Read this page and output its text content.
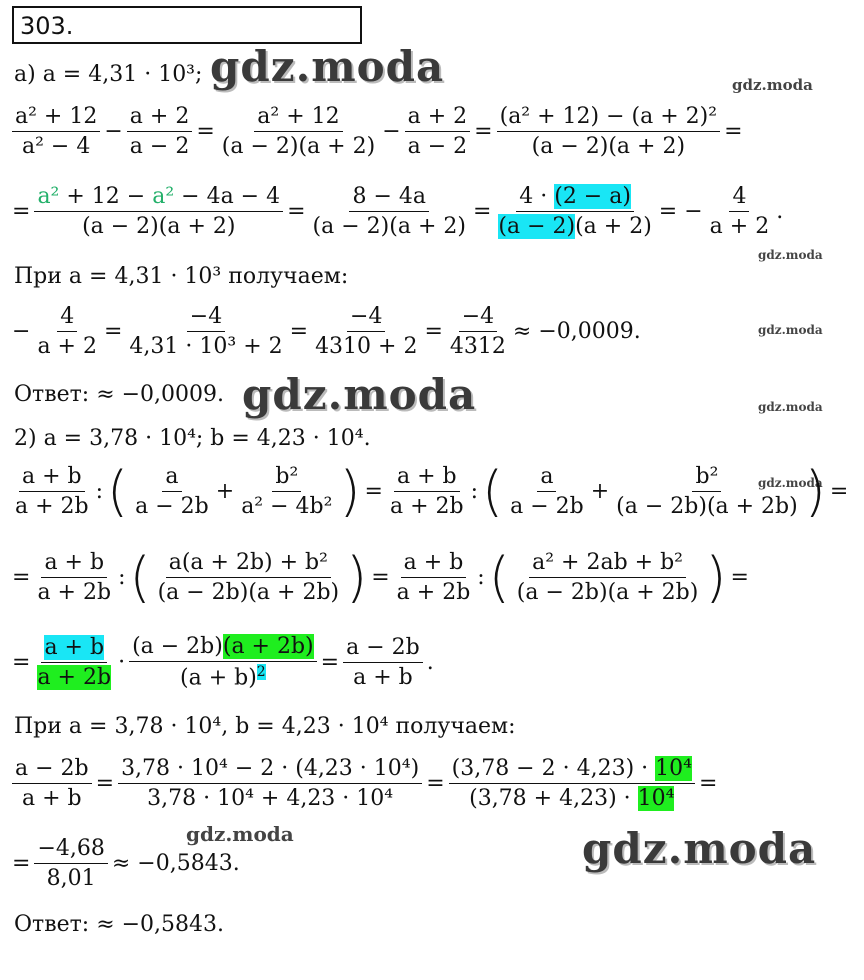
303.
gdz.moda	gdz.moda
gdz.moda
gdz.moda
gdz.moda	gdz.moda
gdz.moda
gdz.moda	gdz.moda
а) a = 4,31 · 10³;
$\frac{\text{a² + 12}}{\text{a² − 4}} - \frac{a + 2}{a - 2} = \frac{\text{a² + 12}}{(a - 2)(a + 2)} - \frac{a + 2}{a - 2} = \frac{\text{(a² + 12) − (a + 2)²}}{(a - 2)(a + 2)}$ =
= $\frac{\text{a² + 12 − a² − 4a − 4}}{(a - 2)(a + 2)} = \frac{8 - 4a}{(a - 2)(a + 2)} = \frac{4 \cdot (2 - a)}{(a - 2)(a + 2)}$ = − $\frac{4}{a + 2}$ .
При a = 4,31 · 10³ получаем:
− $\frac{4}{a + 2} = \frac{-4}{\text{4,31 · 10³ + 2}} = \frac{-4}{4310 + 2} = \frac{-4}{4312} \approx -0,0009$.
Ответ: ≈ −0,0009.
2) a = 3,78 · 10⁴; b = 4,23 · 10⁴.
$\frac{a + b}{a + 2b}$ : ( $\frac{a}{a - 2b} + \frac{\text{b²}}{\text{a² − 4b²}}$ ) = $\frac{a + b}{a + 2b}$ : ( $\frac{a}{a - 2b} + \frac{\text{b²}}{(a - 2b)(a + 2b)}$ ) =
= $\frac{a + b}{a + 2b}$ : ( $\frac{\text{a(a + 2b) + b²}}{(a - 2b)(a + 2b)}$ ) = $\frac{a + b}{a + 2b}$ : ( $\frac{\text{a² + 2ab + b²}}{(a - 2b)(a + 2b)}$ ) =
= $\frac{a + b}{a + 2b} \cdot \frac{(a - 2b)(a + 2b)}{(a + b)^2} = \frac{a - 2b}{a + b}$ .
При a = 3,78 · 10⁴, b = 4,23 · 10⁴ получаем:
$\frac{a - 2b}{a + b} = \frac{\text{3,78 · 10⁴ − 2 · (4,23 · 10⁴)}}{\text{3,78 · 10⁴ + 4,23 · 10⁴}} = \frac{\text{(3,78 − 2 · 4,23) · 10⁴}}{\text{(3,78 + 4,23) · 10⁴}}$ =
= $\frac{-4,68}{8,01} \approx -0,5843$.
Ответ: ≈ −0,5843.
